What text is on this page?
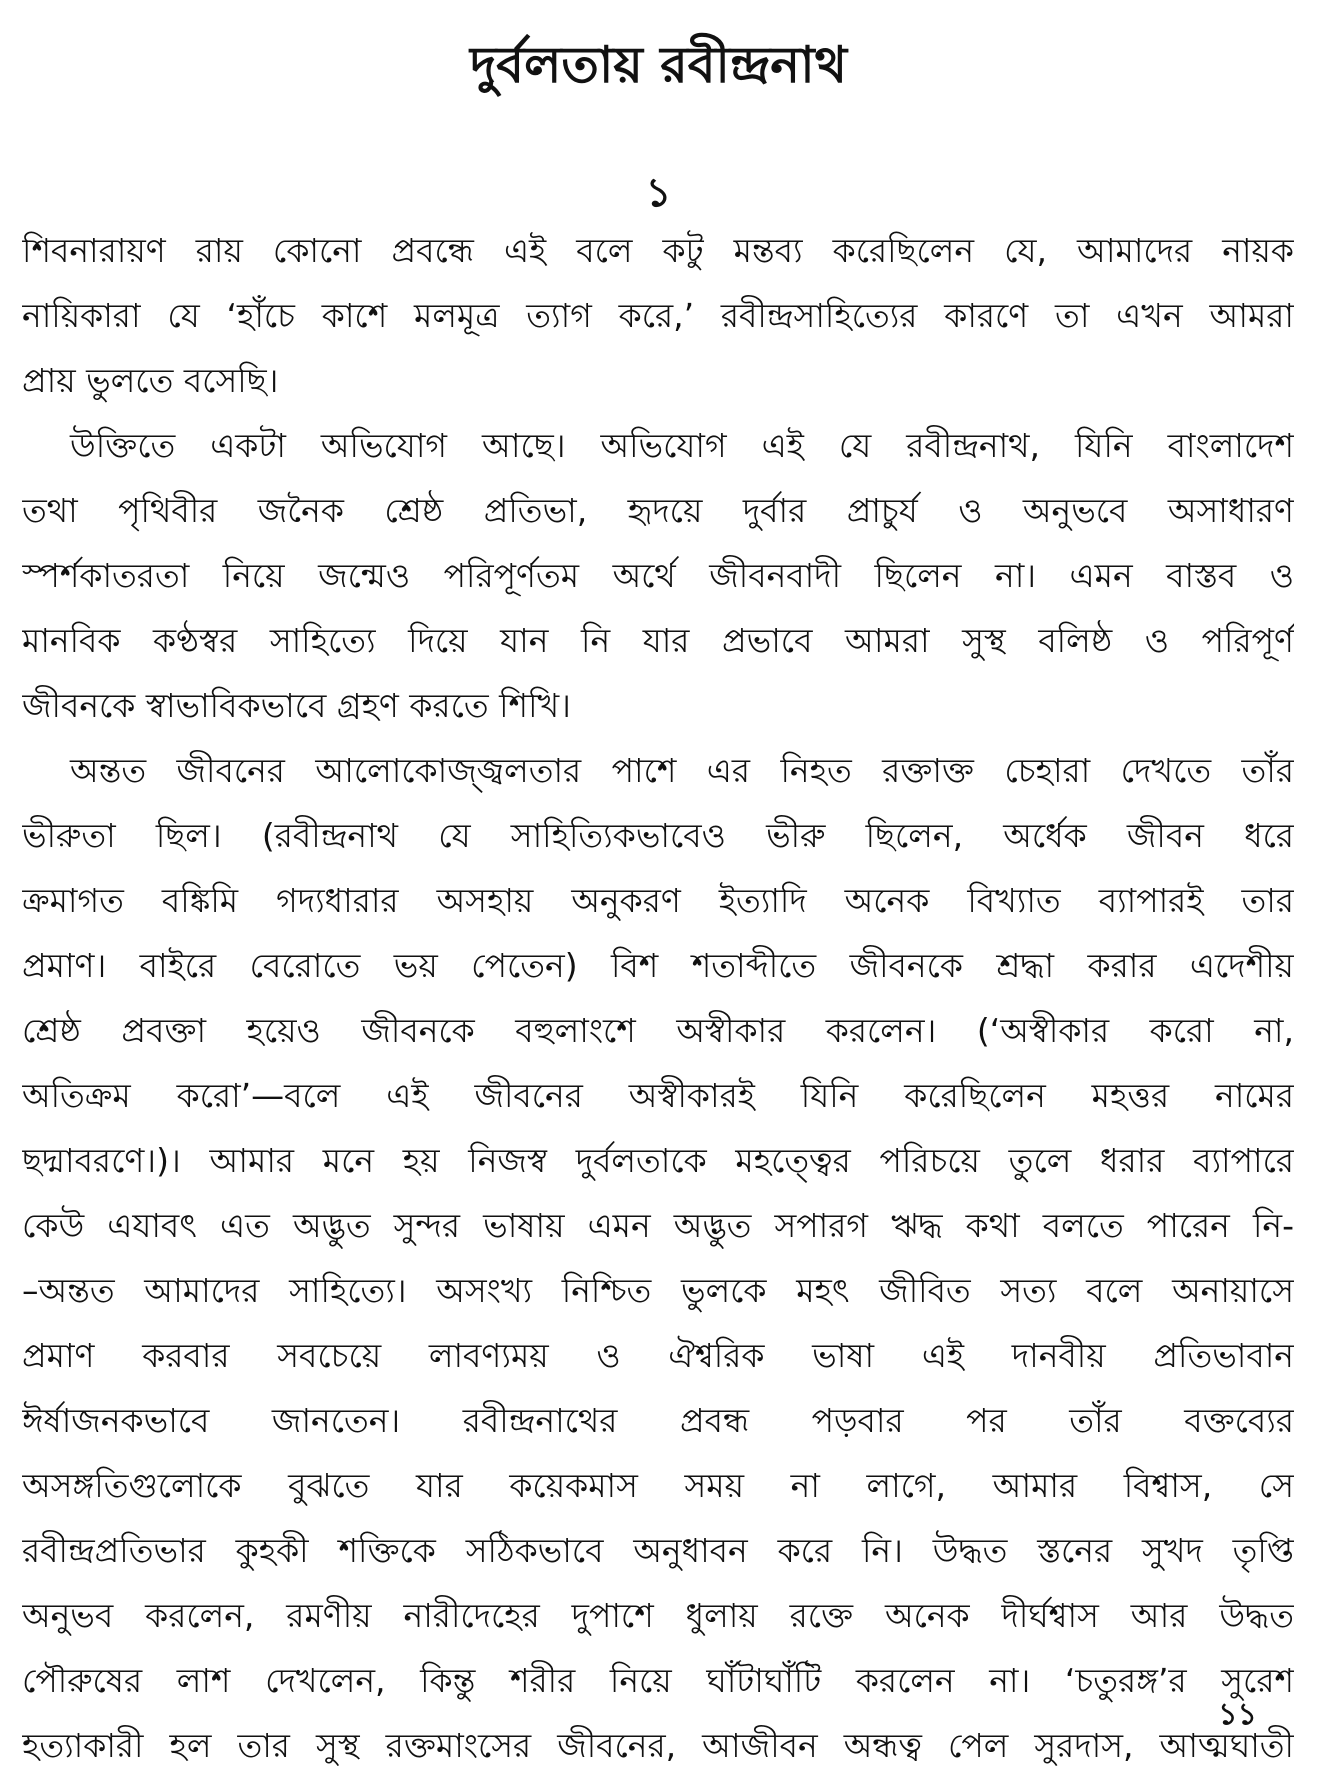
দুর্বলতায় রবীন্দ্রনাথ
১
শিবনারায়ণ রায় কোনো প্রবন্ধে এই বলে কটু মন্তব্য করেছিলেন যে, আমাদের নায়ক
নায়িকারা যে ‘হাঁচে কাশে মলমূত্র ত্যাগ করে,’ রবীন্দ্রসাহিত্যের কারণে তা এখন আমরা
প্রায় ভুলতে বসেছি।
উক্তিতে একটা অভিযোগ আছে। অভিযোগ এই যে রবীন্দ্রনাথ, যিনি বাংলাদেশ
তথা পৃথিবীর জনৈক শ্রেষ্ঠ প্রতিভা, হৃদয়ে দুর্বার প্রাচুর্য ও অনুভবে অসাধারণ
স্পর্শকাতরতা নিয়ে জন্মেও পরিপূর্ণতম অর্থে জীবনবাদী ছিলেন না। এমন বাস্তব ও
মানবিক কণ্ঠস্বর সাহিত্যে দিয়ে যান নি যার প্রভাবে আমরা সুস্থ বলিষ্ঠ ও পরিপূর্ণ
জীবনকে স্বাভাবিকভাবে গ্রহণ করতে শিখি।
অন্তত জীবনের আলোকোজ্জ্বলতার পাশে এর নিহত রক্তাক্ত চেহারা দেখতে তাঁর
ভীরুতা ছিল। (রবীন্দ্রনাথ যে সাহিত্যিকভাবেও ভীরু ছিলেন, অর্ধেক জীবন ধরে
ক্রমাগত বঙ্কিমি গদ্যধারার অসহায় অনুকরণ ইত্যাদি অনেক বিখ্যাত ব্যাপারই তার
প্রমাণ। বাইরে বেরোতে ভয় পেতেন) বিশ শতাব্দীতে জীবনকে শ্রদ্ধা করার এদেশীয়
শ্রেষ্ঠ প্রবক্তা হয়েও জীবনকে বহুলাংশে অস্বীকার করলেন। (‘অস্বীকার করো না,
অতিক্রম করো’—বলে এই জীবনের অস্বীকারই যিনি করেছিলেন মহত্তর নামের
ছদ্মাবরণে।)। আমার মনে হয় নিজস্ব দুর্বলতাকে মহত্ত্বের পরিচয়ে তুলে ধরার ব্যাপারে
কেউ এযাবৎ এত অদ্ভুত সুন্দর ভাষায় এমন অদ্ভুত সপারগ ঋদ্ধ কথা বলতে পারেন নি-
–অন্তত আমাদের সাহিত্যে। অসংখ্য নিশ্চিত ভুলকে মহৎ জীবিত সত্য বলে অনায়াসে
প্রমাণ করবার সবচেয়ে লাবণ্যময় ও ঐশ্বরিক ভাষা এই দানবীয় প্রতিভাবান
ঈর্ষাজনকভাবে জানতেন। রবীন্দ্রনাথের প্রবন্ধ পড়বার পর তাঁর বক্তব্যের
অসঙ্গতিগুলোকে বুঝতে যার কয়েকমাস সময় না লাগে, আমার বিশ্বাস, সে
রবীন্দ্রপ্রতিভার কুহকী শক্তিকে সঠিকভাবে অনুধাবন করে নি। উদ্ধত স্তনের সুখদ তৃপ্তি
অনুভব করলেন, রমণীয় নারীদেহের দুপাশে ধুলায় রক্তে অনেক দীর্ঘশ্বাস আর উদ্ধত
পৌরুষের লাশ দেখলেন, কিন্তু শরীর নিয়ে ঘাঁটাঘাঁটি করলেন না। ‘চতুরঙ্গ’র সুরেশ
হত্যাকারী হল তার সুস্থ রক্তমাংসের জীবনের, আজীবন অন্ধত্ব পেল সুরদাস, আত্মঘাতী
১১
